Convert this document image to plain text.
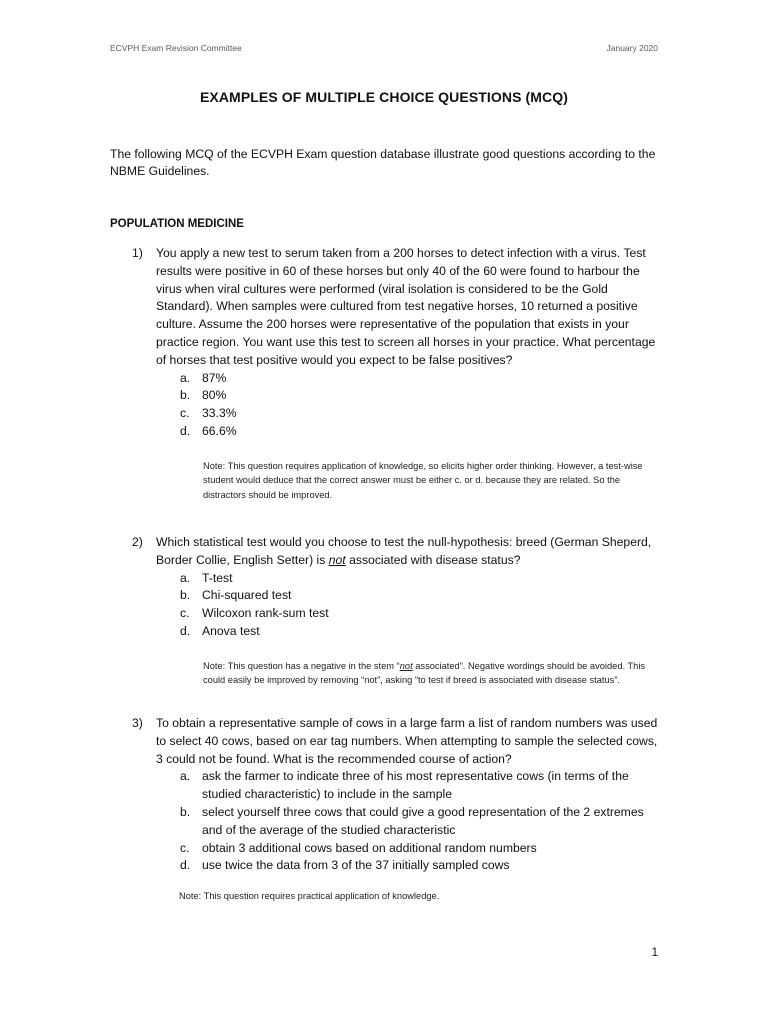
ECVPH Exam Revision Committee	January 2020
EXAMPLES OF MULTIPLE CHOICE QUESTIONS (MCQ)
The following MCQ of the ECVPH Exam question database illustrate good questions according to the NBME Guidelines.
POPULATION MEDICINE
1) You apply a new test to serum taken from a 200 horses to detect infection with a virus. Test results were positive in 60 of these horses but only 40 of the 60 were found to harbour the virus when viral cultures were performed (viral isolation is considered to be the Gold Standard). When samples were cultured from test negative horses, 10 returned a positive culture. Assume the 200 horses were representative of the population that exists in your practice region. You want use this test to screen all horses in your practice. What percentage of horses that test positive would you expect to be false positives?
a. 87%
b. 80%
c. 33.3%
d. 66.6%
Note: This question requires application of knowledge, so elicits higher order thinking. However, a test-wise student would deduce that the correct answer must be either c. or d. because they are related. So the distractors should be improved.
2) Which statistical test would you choose to test the null-hypothesis: breed (German Sheperd, Border Collie, English Setter) is not associated with disease status?
a. T-test
b. Chi-squared test
c. Wilcoxon rank-sum test
d. Anova test
Note: This question has a negative in the stem “not associated”. Negative wordings should be avoided. This could easily be improved by removing “not”, asking “to test if breed is associated with disease status”.
3) To obtain a representative sample of cows in a large farm a list of random numbers was used to select 40 cows, based on ear tag numbers. When attempting to sample the selected cows, 3 could not be found. What is the recommended course of action?
a. ask the farmer to indicate three of his most representative cows (in terms of the studied characteristic) to include in the sample
b. select yourself three cows that could give a good representation of the 2 extremes and of the average of the studied characteristic
c. obtain 3 additional cows based on additional random numbers
d. use twice the data from 3 of the 37 initially sampled cows
Note: This question requires practical application of knowledge.
1
